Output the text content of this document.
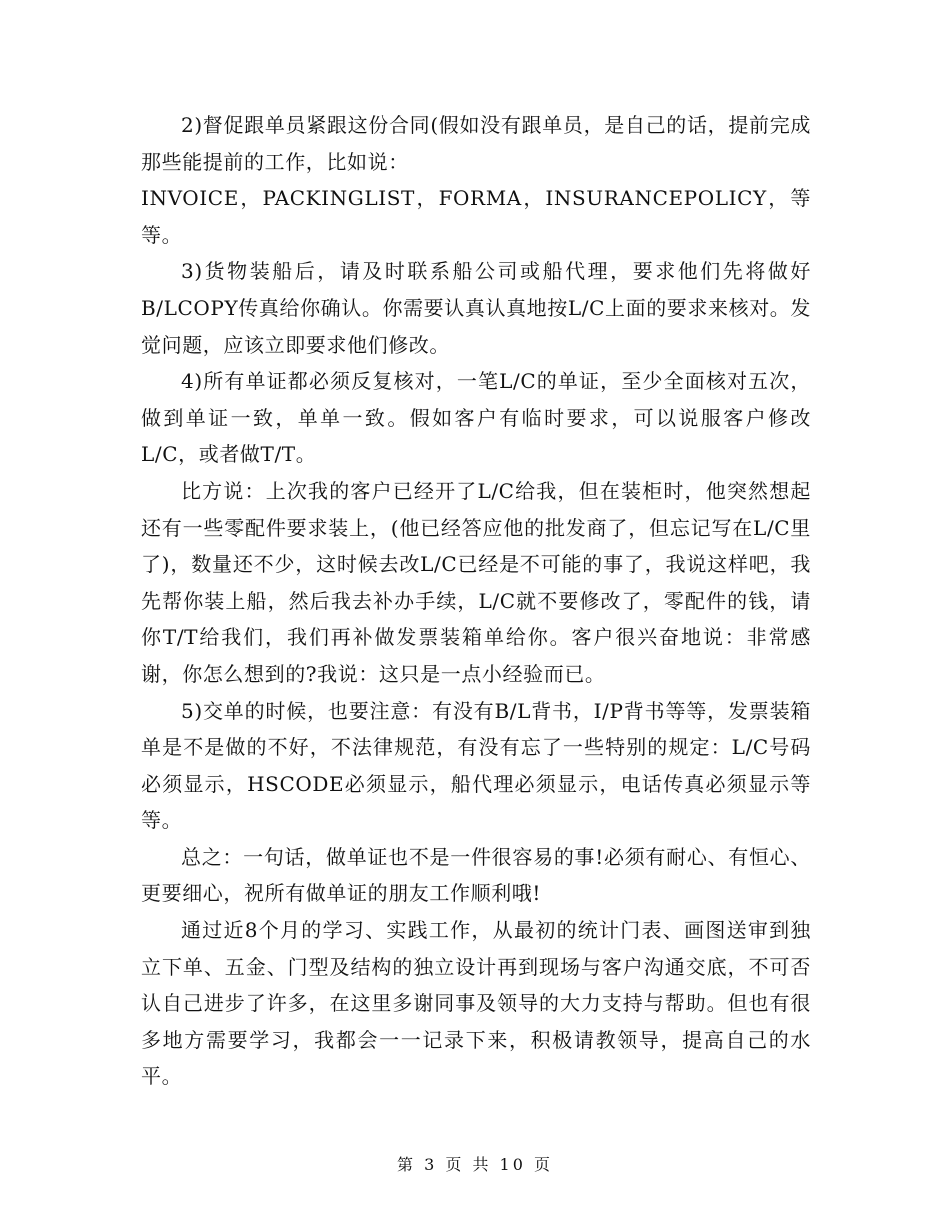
2)督促跟单员紧跟这份合同(假如没有跟单员，是自己的话，提前完成那些能提前的工作，比如说：

INVOICE，PACKINGLIST，FORMA，INSURANCEPOLICY，等等。

3)货物装船后，请及时联系船公司或船代理，要求他们先将做好B/LCOPY传真给你确认。你需要认真认真地按L/C上面的要求来核对。发觉问题，应该立即要求他们修改。

4)所有单证都必须反复核对，一笔L/C的单证，至少全面核对五次，做到单证一致，单单一致。假如客户有临时要求，可以说服客户修改L/C，或者做T/T。

比方说：上次我的客户已经开了L/C给我，但在装柜时，他突然想起还有一些零配件要求装上，(他已经答应他的批发商了，但忘记写在L/C里了)，数量还不少，这时候去改L/C已经是不可能的事了，我说这样吧，我先帮你装上船，然后我去补办手续，L/C就不要修改了，零配件的钱，请你T/T给我们，我们再补做发票装箱单给你。客户很兴奋地说：非常感谢，你怎么想到的?我说：这只是一点小经验而已。

5)交单的时候，也要注意：有没有B/L背书，I/P背书等等，发票装箱单是不是做的不好，不法律规范，有没有忘了一些特别的规定：L/C号码必须显示，HSCODE必须显示，船代理必须显示，电话传真必须显示等等。

总之：一句话，做单证也不是一件很容易的事!必须有耐心、有恒心、更要细心，祝所有做单证的朋友工作顺利哦!

通过近8个月的学习、实践工作，从最初的统计门表、画图送审到独立下单、五金、门型及结构的独立设计再到现场与客户沟通交底，不可否认自己进步了许多，在这里多谢同事及领导的大力支持与帮助。但也有很多地方需要学习，我都会一一记录下来，积极请教领导，提高自己的水平。

第 3 页 共 10 页
